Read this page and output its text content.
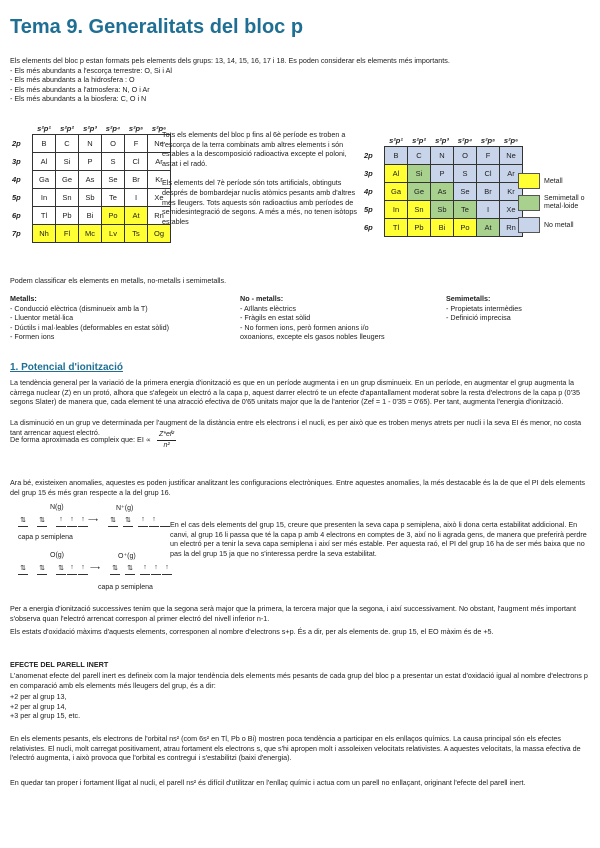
Tema 9. Generalitats del bloc p
Els elements del bloc p estan formats pels elements dels grups: 13, 14, 15, 16, 17 i 18. Es poden considerar els elements més importants.
- Els més abundants a l'escorça terrestre: O, Si i Al
- Els més abundants a la hidrosfera : O
- Els més abundants a l'atmosfera: N, O i Ar
- Els més abundants a la biosfera: C, O i N
	s²p¹	s²p²	s²p³	s²p⁴	s²p⁵	s²p⁶
2p	B	C	N	O	F	Ne
3p	Al	Si	P	S	Cl	Ar
4p	Ga	Ge	As	Se	Br	Kr
5p	In	Sn	Sb	Te	I	Xe
6p	Tl	Pb	Bi	Po	At	Rn
7p	Nh	Fl	Mc	Lv	Ts	Og
Tots els elements del bloc p fins al 6è període es troben a l'escorça de la terra combinats amb altres elements i són estables a la descomposició radioactiva excepte el poloni, astat i el radó.
Els elements del 7è període són tots artificials, obtinguts després de bombardejar nuclis atòmics pesants amb d'altres més lleugers. Tots aquests són radioactius amb períodes de semidesintegració de segons. A més a més, no tenen isòtops estables
	s²p¹	s²p²	s²p³	s²p⁴	s²p⁵	s²p⁶
2p	B	C	N	O	F	Ne
3p	Al	Si	P	S	Cl	Ar
4p	Ga	Ge	As	Se	Br	Kr
5p	In	Sn	Sb	Te	I	Xe
6p	Tl	Pb	Bi	Po	At	Rn
Metall
Semimetall o metal·loide
No metall
Podem classificar els elements en metalls, no-metalls i semimetalls.
Metalls:
- Conducció elèctrica (disminueix amb la T)
- Lluentor metàl·lica
- Dúctils i mal·leables (deformables en estat sòlid)
- Formen ions
No - metalls:
- Aïllants elèctrics
- Fràgils en estat sòlid
- No formen ions, però formen anions i/o
oxoanions, excepte els gasos nobles lleugers
Semimetalls:
- Propietats intermèdies
- Definició imprecisa
1. Potencial d'ionització
La tendència general per la variació de la primera energia d'ionització es que en un període augmenta i en un grup disminueix. En un període, en augmentar el grup augmenta la càrrega nuclear (Z) en un protó, alhora que s'afegeix un electró a la capa p, aquest darrer electró te un efecte d'apantallament moderat sobre la resta d'electrons de la capa p (0'35 segons Slater) de manera que, cada element té una atracció efectiva de 0'65 unitats major que la de l'anterior (Zef = 1 - 0'35 = 0'65). Per tant, augmenta l'energia d'ionització.
La disminució en un grup ve determinada per l'augment de la distància entre els electrons i el nucli, es per això que es troben menys atrets per nucli i la seva EI és menor, no costa tant arrencar aquest electró.
De forma aproximada es compleix que: EI ∝ $\frac{\text{Z*ef²}}{\text{n²}}$
Ara bé, existeixen anomalies, aquestes es poden justificar analitzant les configuracions electròniques. Entre aquestes anomalies, la més destacable és la de que el PI dels elements del grup 15 és més gran respecte a la del grup 16.
N(g)	N⁺(g)
⇅ ⇅	↑	↑	↑ ⟶ ⇅ ⇅	↑	↑
capa p semiplena
O(g)	O⁺(g)
⇅ ⇅ ⇅ ↑	↑ ⟶ ⇅ ⇅	↑	↑	↑
capa p semiplena
En el cas dels elements del grup 15, creure que presenten la seva capa p semiplena, això li dona certa estabilitat addicional. En canvi, al grup 16 li passa que té la capa p amb 4 electrons en comptes de 3, així no li agrada gens, de manera que preferirà perdre un electró per a tenir la seva capa semiplena i així ser més estable. Per aquesta raó, el PI del grup 16 ha de ser més baixa que no pas la del grup 15 ja que no s'interessa perdre la seva estabilitat.
Per a energia d'ionització successives tenim que la segona serà major que la primera, la tercera major que la segona, i així successivament. No obstant, l'augment més important s'observa quan l'electró arrencat correspon al primer electró del nivell inferior n-1.
Els estats d'oxidació màxims d'aquests elements, corresponen al nombre d'electrons s+p. És a dir, per als elements de. grup 15, el EO màxim és de +5.
EFECTE DEL PARELL INERT
L'anomenat efecte del parell inert es defineix com la major tendència dels elements més pesants de cada grup del bloc p a presentar un estat d'oxidació igual al nombre d'electrons p en comparació amb els elements més lleugers del grup, és a dir:
+2 per al grup 13,
+2 per al grup 14,
+3 per al grup 15, etc.
En els elements pesants, els electrons de l'orbital ns² (com 6s² en Tl, Pb o Bi) mostren poca tendència a participar en els enllaços químics. La causa principal són els efectes relativistes. El nucli, molt carregat positivament, atrau fortament els electrons s, que s'hi apropen molt i assoleixen velocitats relativistes. A aquestes velocitats, la massa efectiva de l'electró augmenta, i això provoca que l'orbital es contregui i s'estabilitzi (baixi d'energia).
En quedar tan proper i fortament lligat al nucli, el parell ns² és difícil d'utilitzar en l'enllaç químic i actua com un parell no enllaçant, originant l'efecte del parell inert.
